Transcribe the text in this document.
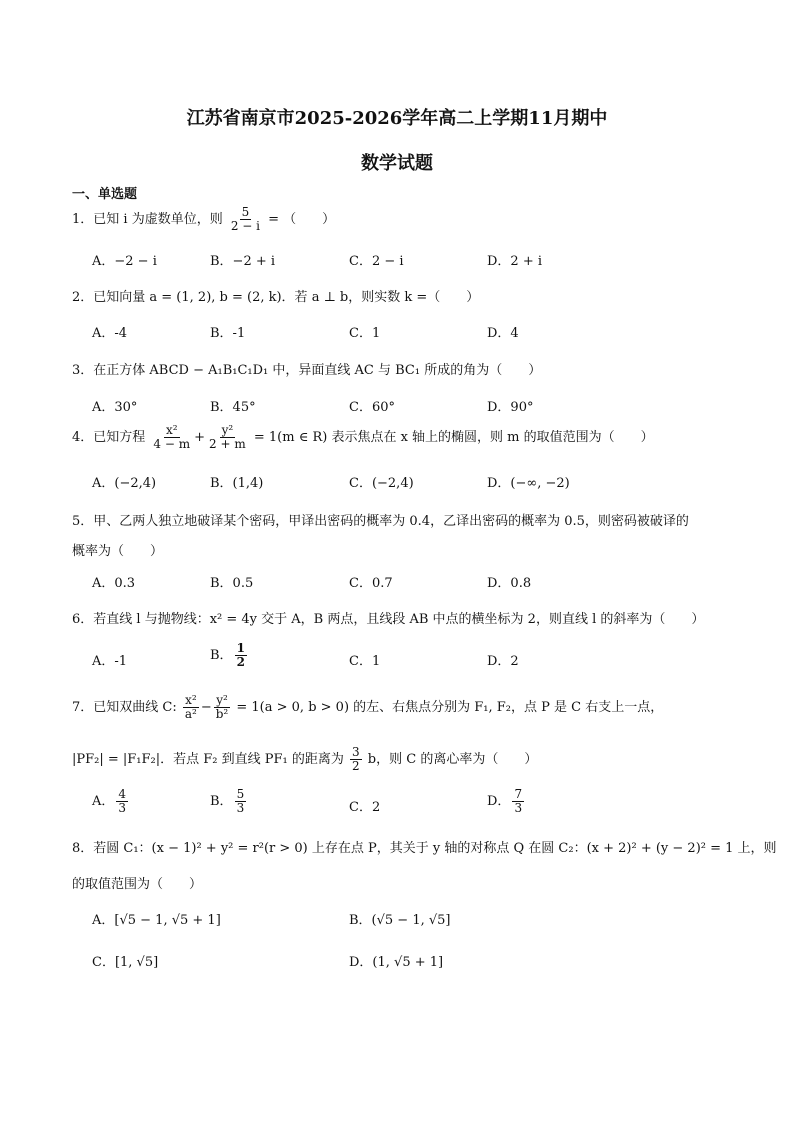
江苏省南京市2025-2026学年高二上学期11月期中
数学试题
一、单选题
1．已知 i 为虚数单位，则 $\frac{5}{2 - i}$ = （　　）
A．−2 − i	B．−2 + i	C．2 − i	D．2 + i
2．已知向量 a = (1, 2), b = (2, k)．若 a ⊥ b，则实数 k =（　　）
A．-4	B．-1	C．1	D．4
3．在正方体 ABCD − A₁B₁C₁D₁ 中，异面直线 AC 与 BC₁ 所成的角为（　　）
A．30°	B．45°	C．60°	D．90°
4．已知方程 $\frac{\text{x²}}{4 - m} + \frac{\text{y²}}{2 + m} = 1(m$ ∈ R) 表示焦点在 x 轴上的椭圆，则 m 的取值范围为（　　）
A．(−2,4)	B．(1,4)	C．(−2,4)	D．(−∞, −2)
5．甲、乙两人独立地破译某个密码，甲译出密码的概率为 0.4，乙译出密码的概率为 0.5，则密码被破译的
概率为（　　）
A．0.3	B．0.5	C．0.7	D．0.8
6．若直线 l 与抛物线：x² = 4y 交于 A，B 两点，且线段 AB 中点的横坐标为 2，则直线 l 的斜率为（　　）
A．-1	B． $\frac{1}{2}$	C．1	D．2
7．已知双曲线 C: $\frac{\text{x²}}{\text{a²}} - \frac{\text{y²}}{\text{b²}} = 1(a > 0$, b > 0) 的左、右焦点分别为 F₁, F₂，点 P 是 C 右支上一点，
|PF₂| = |F₁F₂|．若点 F₂ 到直线 PF₁ 的距离为 $\frac{3}{2}$ b，则 C 的离心率为（　　）
A． $\frac{4}{3}$	B． $\frac{5}{3}$	C．2	D． $\frac{7}{3}$
8．若圆 C₁：(x − 1)² + y² = r²(r > 0) 上存在点 P，其关于 y 轴的对称点 Q 在圆 C₂：(x + 2)² + (y − 2)² = 1 上，则
的取值范围为（　　）
A．[√5 − 1, √5 + 1]	B．(√5 − 1, √5]
C．[1, √5]	D．(1, √5 + 1]
